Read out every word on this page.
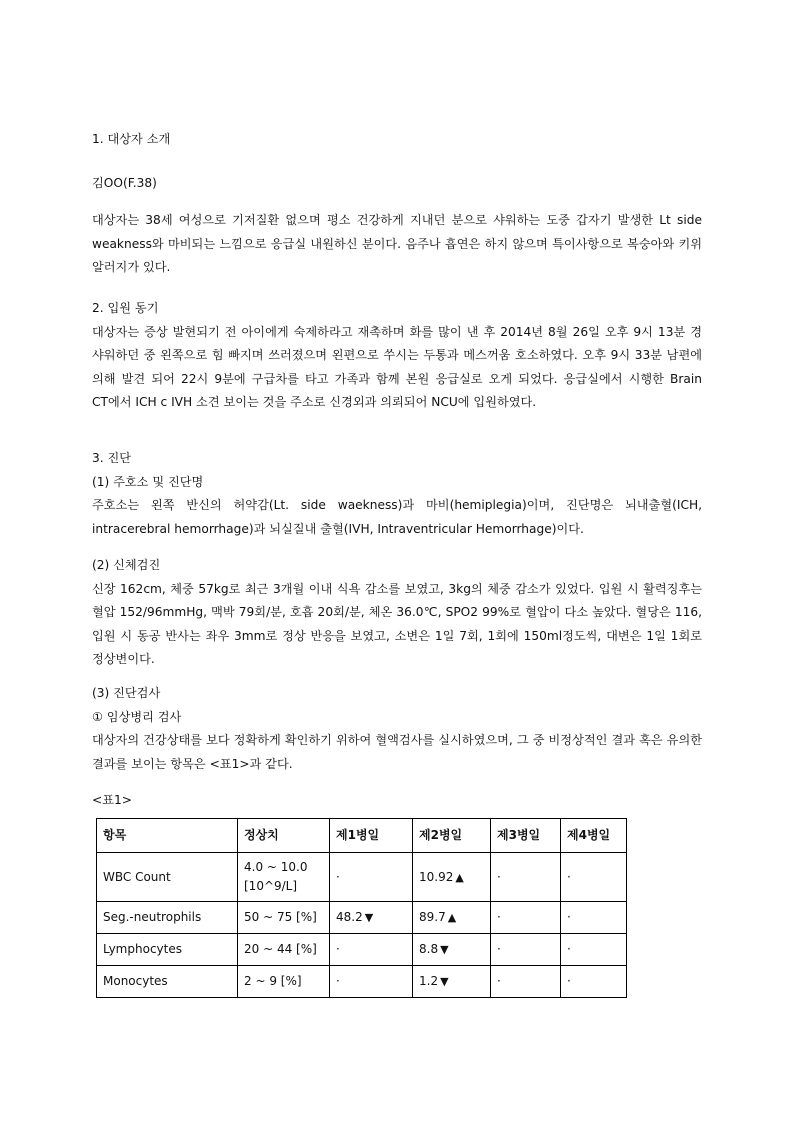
1. 대상자 소개

김OO(F.38)

대상자는 38세 여성으로 기저질환 없으며 평소 건강하게 지내던 분으로 샤워하는 도중 갑자기 발생한 Lt side weakness와 마비되는 느낌으로 응급실 내원하신 분이다. 음주나 흡연은 하지 않으며 특이사항으로 복숭아와 키위 알러지가 있다.

2. 입원 동기

대상자는 증상 발현되기 전 아이에게 숙제하라고 재촉하며 화를 많이 낸 후 2014년 8월 26일 오후 9시 13분 경 샤워하던 중 왼쪽으로 힘 빠지며 쓰러졌으며 왼편으로 쑤시는 두통과 메스꺼움 호소하였다. 오후 9시 33분 남편에 의해 발견 되어 22시 9분에 구급차를 타고 가족과 함께 본원 응급실로 오게 되었다. 응급실에서 시행한 Brain CT에서 ICH c IVH 소견 보이는 것을 주소로 신경외과 의뢰되어 NCU에 입원하였다.

3. 진단

(1) 주호소 및 진단명

주호소는 왼쪽 반신의 허약감(Lt. side waekness)과 마비(hemiplegia)이며, 진단명은 뇌내출혈(ICH, intracerebral hemorrhage)과 뇌실질내 출혈(IVH, Intraventricular Hemorrhage)이다.

(2) 신체검진

신장 162cm, 체중 57kg로 최근 3개월 이내 식욕 감소를 보였고, 3kg의 체중 감소가 있었다. 입원 시 활력징후는 혈압 152/96mmHg, 맥박 79회/분, 호흡 20회/분, 체온 36.0℃, SPO2 99%로 혈압이 다소 높았다. 혈당은 116, 입원 시 동공 반사는 좌우 3mm로 정상 반응을 보였고, 소변은 1일 7회, 1회에 150ml정도씩, 대변은 1일 1회로 정상변이다.

(3) 진단검사

① 임상병리 검사

대상자의 건강상태를 보다 정확하게 확인하기 위하여 혈액검사를 실시하였으며, 그 중 비정상적인 결과 혹은 유의한 결과를 보이는 항목은 <표1>과 같다.

<표1>

항목	정상치	제1병일	제2병일	제3병일	제4병일
WBC Count	4.0 ~ 10.0
[10^9/L]	·	10.92 ▲	·	·
Seg.-neutrophils	50 ~ 75 [%]	48.2 ▼	89.7 ▲	·	·
Lymphocytes	20 ~ 44 [%]	·	8.8 ▼	·	·
Monocytes	2 ~ 9 [%]	·	1.2 ▼	·	·
